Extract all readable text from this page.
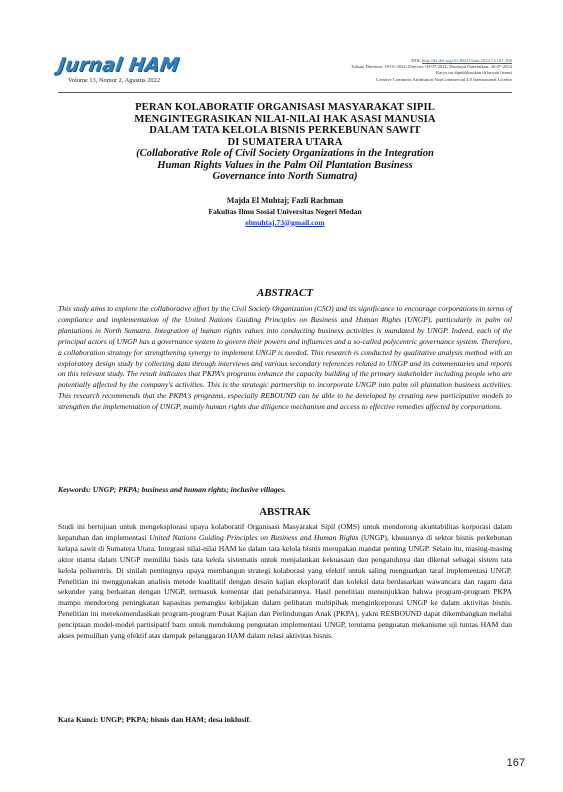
Jurnal HAM
Volume 13, Nomor 2, Agustus 2022
DOI: http://dx.doi.org/10.30641/ham.2022.13.167-186
Tulisan Diterima: 18-01-2022; Direvisi: 03-07-2022; Disetujui Diterbitkan: 20-07-2022
Karya ini dipublikasikan di bawah lisensi
Creative Commons Attribution-NonCommercial 4.0 International License
PERAN KOLABORATIF ORGANISASI MASYARAKAT SIPIL
MENGINTEGRASIKAN NILAI-NILAI HAK ASASI MANUSIA
DALAM TATA KELOLA BISNIS PERKEBUNAN SAWIT
DI SUMATERA UTARA
(Collaborative Role of Civil Society Organizations in the Integration
Human Rights Values in the Palm Oil Plantation Business
Governance into North Sumatra)
Majda El Muhtaj; Fazli Rachman
Fakultas Ilmu Sosial Universitas Negeri Medan
elmuhtaj.73@gmail.com
ABSTRACT
This study aims to explore the collaborative effort by the Civil Society Organization (CSO) and its significance to encourage corporations in terms of compliance and implementation of the United Nations Guiding Principles on Business and Human Rights (UNGP), particularly in palm oil plantations in North Sumatra. Integration of human rights values into conducting business activities is mandated by UNGP. Indeed, each of the principal actors of UNGP has a governance system to govern their powers and influences and a so-called polycentric governance system. Therefore, a collaboration strategy for strengthening synergy to implement UNGP is needed. This research is conducted by qualitative analysis method with an exploratory design study by collecting data through interviews and various secondary references related to UNGP and its commentaries and reports on this relevant study. The result indicates that PKPA's programs enhance the capacity building of the primary stakeholder including people who are potentially affected by the company's activities. This is the strategic partnership to incorporate UNGP into palm oil plantation business activities. This research recommends that the PKPA's programs, especially REBOUND can be able to be developed by creating new participative models to strengthen the implementation of UNGP, mainly human rights due diligence mechanism and access to effective remedies affected by corporations.
Keywords: UNGP; PKPA; business and human rights; inclusive villages.
ABSTRAK
Studi ini bertujuan untuk mengeksplorasi upaya kolaboratif Organisasi Masyarakat Sipil (OMS) untuk mendorong akuntabilitas korporasi dalam kepatuhan dan implementasi United Nations Guiding Principles on Business and Human Rights (UNGP), khususnya di sektor bisnis perkebunan kelapa sawit di Sumatera Utara. Integrasi nilai-nilai HAM ke dalam tata kelola bisnis merupakan mandat penting UNGP. Selain itu, masing-masing aktor utama dalam UNGP memiliki basis tata kelola sistematis untuk menjalankan kekuasaan dan pengaruhnya dan dikenal sebagai sistem tata kelola polisentris. Di sinilah pentingnya upaya membangun strategi kolaborasi yang efektif untuk saling menguatkan taraf implementasi UNGP. Penelitian ini menggunakan analisis metode kualitatif dengan desain kajian eksploratif dan koleksi data berdasarkan wawancara dan ragam data sekunder yang berkaitan dengan UNGP, termasuk komentar dan penafsirannya. Hasil penelitian menunjukkan bahwa program-program PKPA mampu mendorong peningkatan kapasitas pemangku kebijakan dalam pelibatan multipihak menginkorporasi UNGP ke dalam aktivitas bisnis. Penelitian ini merekomendasikan program-program Pusat Kajian dan Perlindungan Anak (PKPA), yakni RESBOUND dapat dikembangkan melalui penciptaan model-model partisipatif baru untuk mendukung penguatan implementasi UNGP, terutama penguatan mekanisme uji tuntas HAM dan akses pemulihan yang efektif atas dampak pelanggaran HAM dalam relasi aktivitas bisnis.
Kata Kunci: UNGP; PKPA; bisnis dan HAM; desa inklusif.
167
